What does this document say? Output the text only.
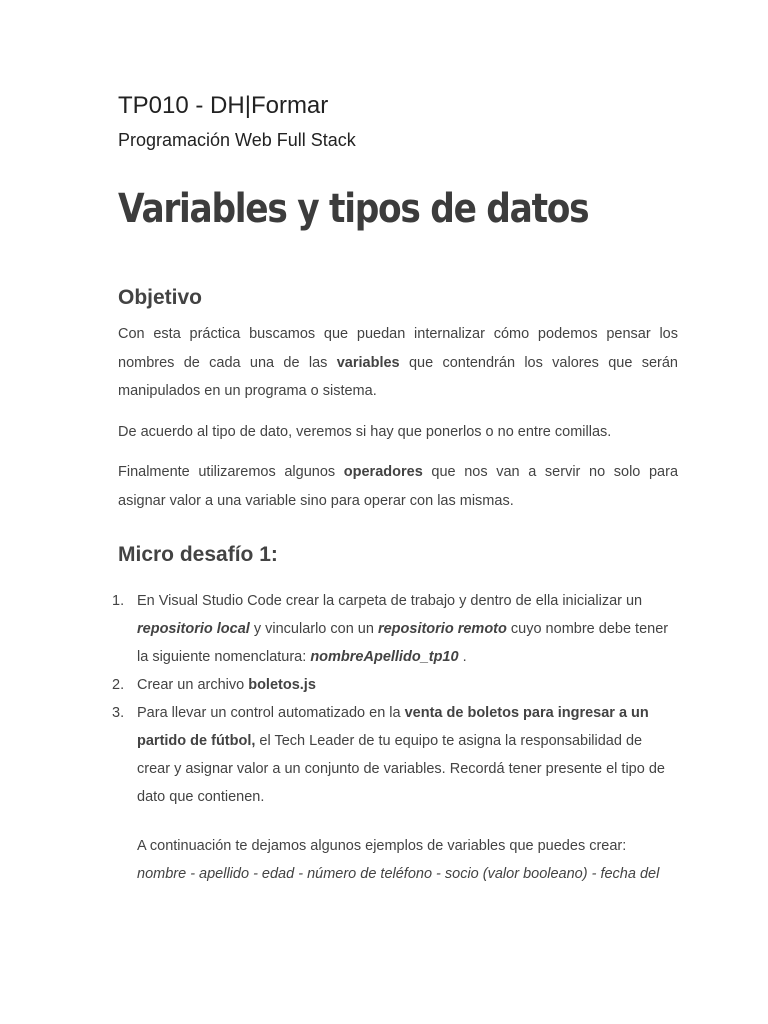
TP010 - DH|Formar
Programación Web Full Stack
Variables y tipos de datos
Objetivo

Con esta práctica buscamos que puedan internalizar cómo podemos pensar los nombres de cada una de las variables que contendrán los valores que serán manipulados en un programa o sistema.

De acuerdo al tipo de dato, veremos si hay que ponerlos o no entre comillas.

Finalmente utilizaremos algunos operadores que nos van a servir no solo para asignar valor a una variable sino para operar con las mismas.

Micro desafío 1:
1. En Visual Studio Code crear la carpeta de trabajo y dentro de ella inicializar un repositorio local y vincularlo con un repositorio remoto cuyo nombre debe tener la siguiente nomenclatura: nombreApellido_tp10 .
2. Crear un archivo boletos.js
3. Para llevar un control automatizado en la venta de boletos para ingresar a un partido de fútbol, el Tech Leader de tu equipo te asigna la responsabilidad de crear y asignar valor a un conjunto de variables. Recordá tener presente el tipo de dato que contienen.

A continuación te dejamos algunos ejemplos de variables que puedes crear:

nombre - apellido - edad - número de teléfono - socio (valor booleano) - fecha del
